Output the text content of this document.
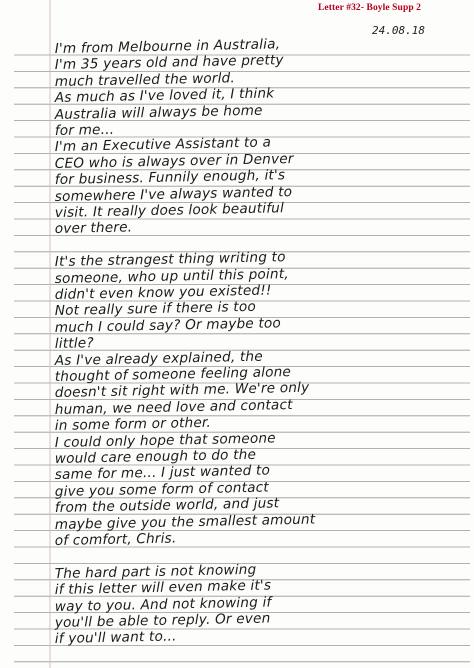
Letter #32- Boyle Supp 2
24.08.18
I'm from Melbourne in Australia,
I'm 35 years old and have pretty
much travelled the world.
As much as I've loved it, I think
Australia will always be home
for me...
I'm an Executive Assistant to a
CEO who is always over in Denver
for business. Funnily enough, it's
somewhere I've always wanted to
visit. It really does look beautiful
over there.
It's the strangest thing writing to
someone, who up until this point,
didn't even know you existed!!
Not really sure if there is too
much I could say? Or maybe too
little?
As I've already explained, the
thought of someone feeling alone
doesn't sit right with me. We're only
human, we need love and contact
in some form or other.
I could only hope that someone
would care enough to do the
same for me... I just wanted to
give you some form of contact
from the outside world, and just
maybe give you the smallest amount
of comfort, Chris.
The hard part is not knowing
if this letter will even make it's
way to you. And not knowing if
you'll be able to reply. Or even
if you'll want to...
